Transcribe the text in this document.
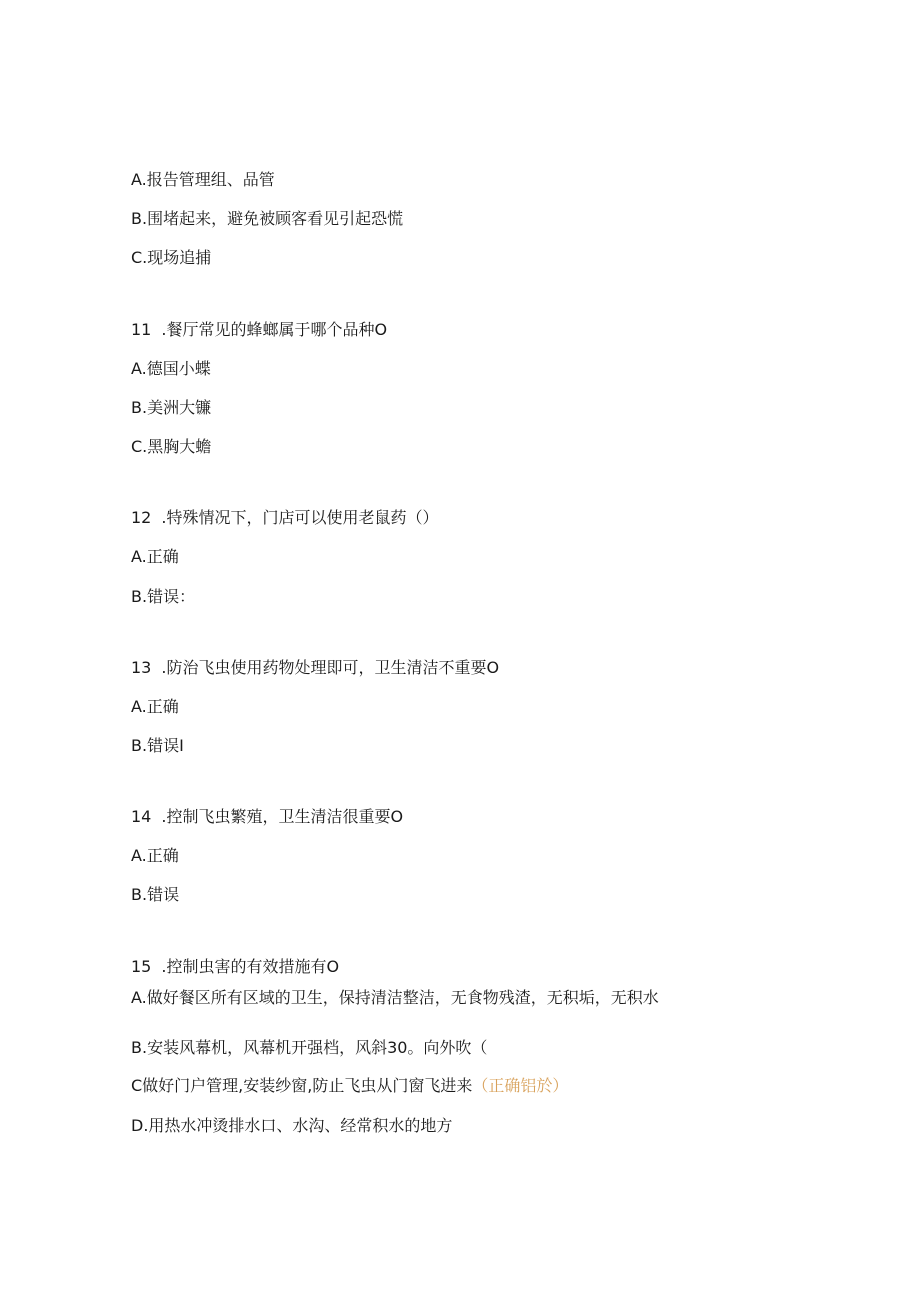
A.报告管理组、品管
B.围堵起来，避免被顾客看见引起恐慌
C.现场追捕
11 .餐厅常见的蜂螂属于哪个品种O
A.德国小蝶
B.美洲大镰
C.黑胸大蟾
12 .特殊情况下，门店可以使用老鼠药（）
A.正确
B.错误：
13 .防治飞虫使用药物处理即可，卫生清洁不重要O
A.正确
B.错误I
14 .控制飞虫繁殖，卫生清洁很重要O
A.正确
B.错误
15 .控制虫害的有效措施有O
A.做好餐区所有区域的卫生，保持清洁整洁，无食物残渣，无积垢，无积水
B.安装风幕机，风幕机开强档，风斜30。向外吹（
C做好门户管理,安装纱窗,防止飞虫从门窗飞进来（正确铝於）
D.用热水冲烫排水口、水沟、经常积水的地方
